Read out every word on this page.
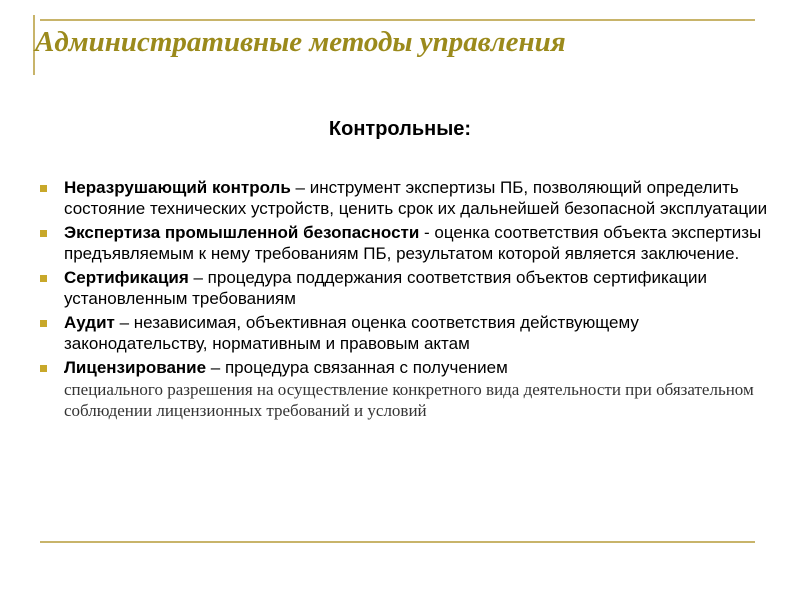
Административные методы управления
Контрольные:
Неразрушающий контроль – инструмент экспертизы ПБ, позволяющий определить состояние технических устройств, ценить срок их дальнейшей безопасной эксплуатации
Экспертиза промышленной безопасности - оценка соответствия объекта экспертизы предъявляемым к нему требованиям ПБ, результатом которой является заключение.
Сертификация – процедура поддержания соответствия объектов сертификации установленным требованиям
Аудит – независимая, объективная оценка соответствия действующему законодательству, нормативным и правовым актам
Лицензирование – процедура связанная с получением
специального разрешения на осуществление конкретного вида деятельности при обязательном соблюдении лицензионных требований и условий
